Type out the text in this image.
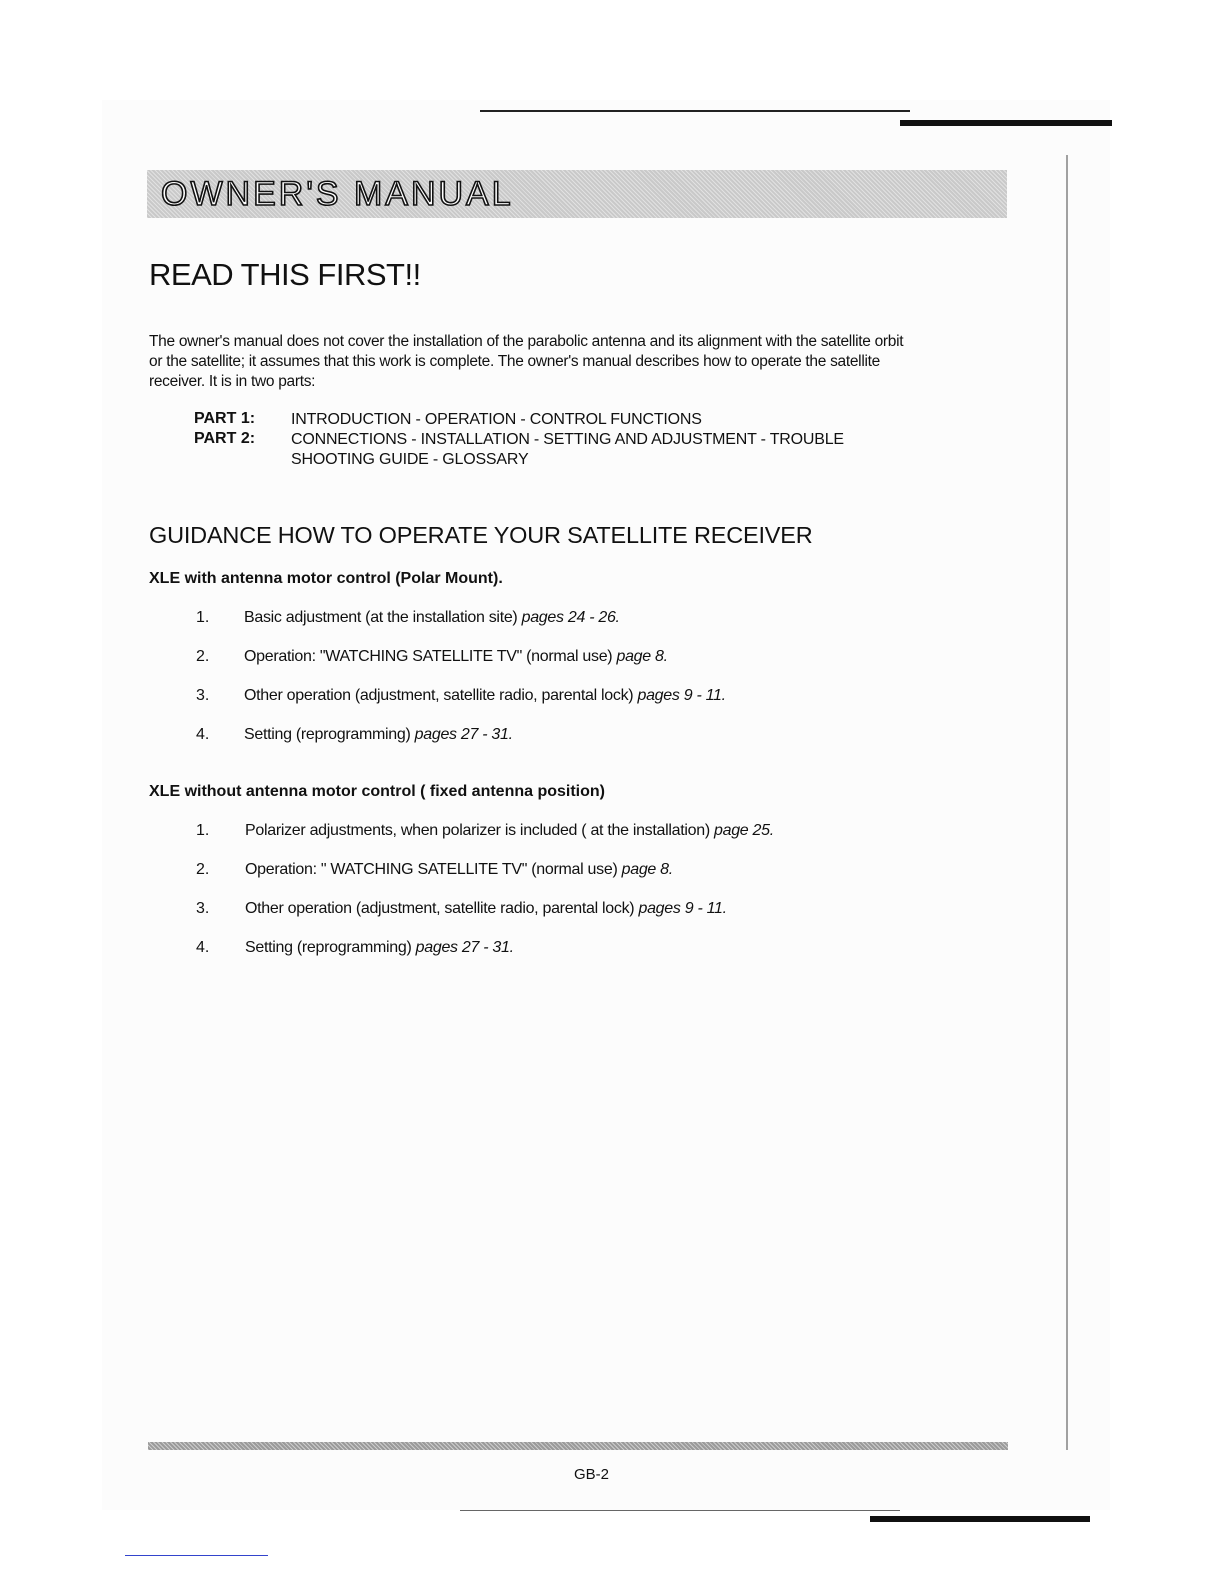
OWNER'S MANUAL
READ THIS FIRST!!

The owner's manual does not cover the installation of the parabolic antenna and its alignment with the satellite orbit
or the satellite; it assumes that this work is complete. The owner's manual describes how to operate the satellite
receiver. It is in two parts:

PART 1: INTRODUCTION - OPERATION - CONTROL FUNCTIONS
PART 2: CONNECTIONS - INSTALLATION - SETTING AND ADJUSTMENT - TROUBLE
SHOOTING GUIDE - GLOSSARY
GUIDANCE HOW TO OPERATE YOUR SATELLITE RECEIVER
XLE with antenna motor control (Polar Mount).
1. Basic adjustment (at the installation site) pages 24 - 26.
2. Operation: "WATCHING SATELLITE TV" (normal use) page 8.
3. Other operation (adjustment, satellite radio, parental lock) pages 9 - 11.
4. Setting (reprogramming) pages 27 - 31.
XLE without antenna motor control ( fixed antenna position)
1. Polarizer adjustments, when polarizer is included ( at the installation) page 25.
2. Operation: " WATCHING SATELLITE TV" (normal use) page 8.
3. Other operation (adjustment, satellite radio, parental lock) pages 9 - 11.
4. Setting (reprogramming) pages 27 - 31.
GB-2
